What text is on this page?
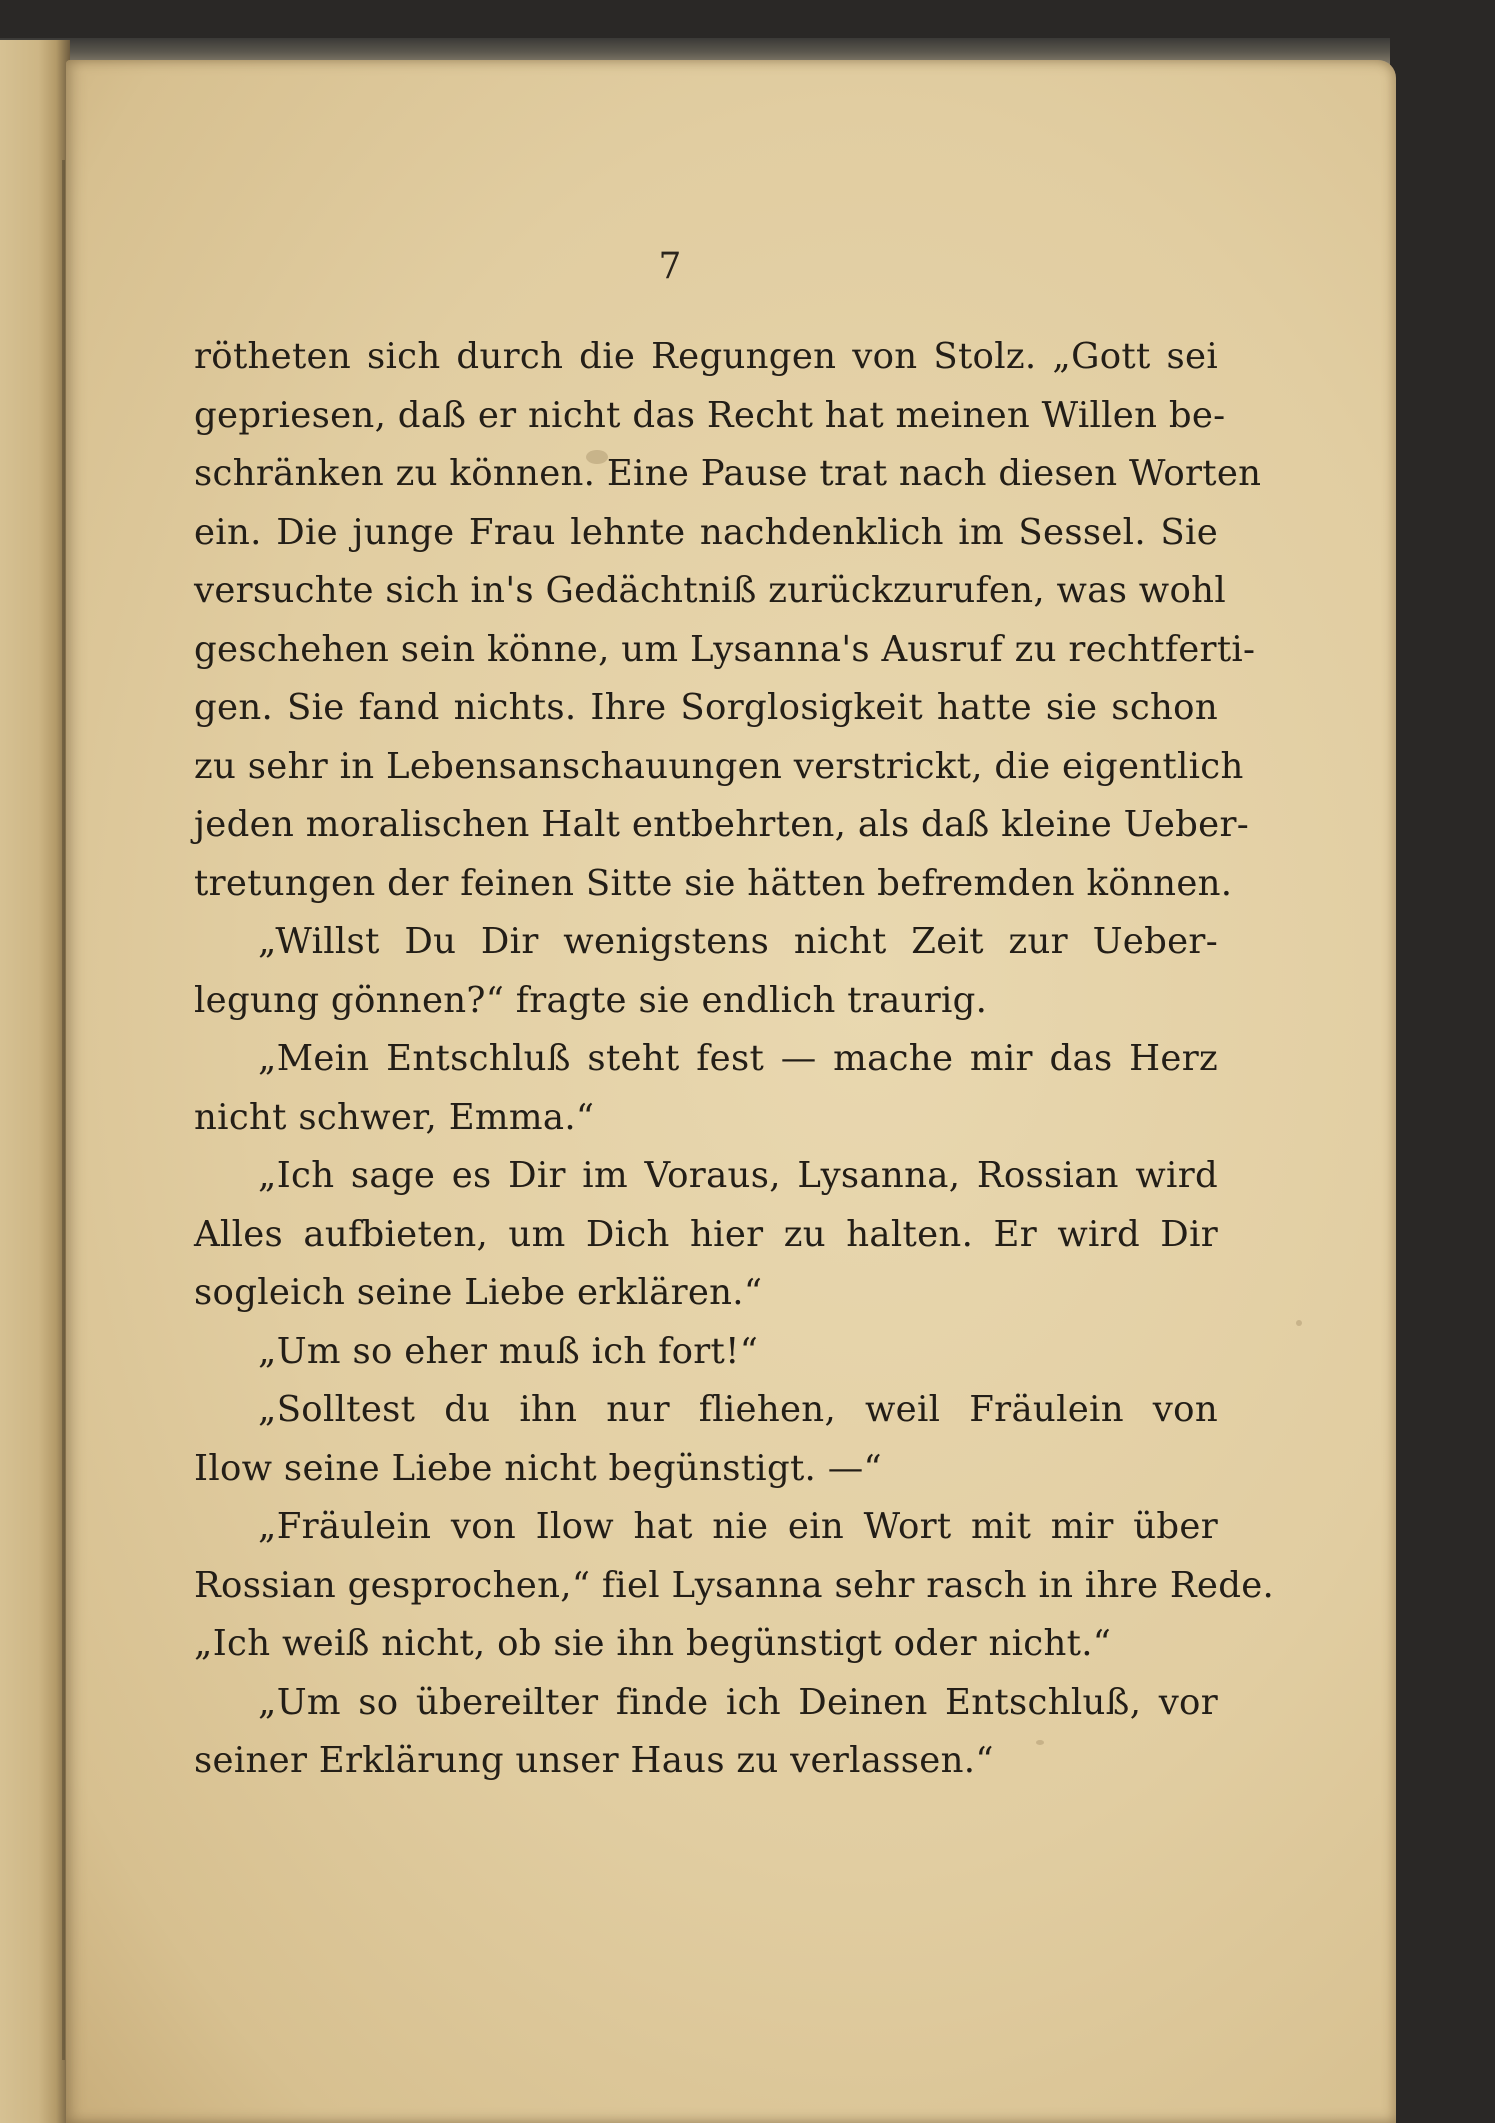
7
röthеten sich durch die Regungen von Stolz. „Gott sei
gepriesen, daß er nicht das Recht hat meinen Willen be-
schränken zu können. Eine Pause trat nach diesen Worten
ein. Die junge Frau lehnte nachdenklich im Sessel. Sie
versuchte sich in's Gedächtniß zurückzurufen, was wohl
geschehen sein könne, um Lysanna's Ausruf zu rechtferti-
gen. Sie fand nichts. Ihre Sorglosigkeit hatte sie schon
zu sehr in Lebensanschauungen verstrickt, die eigentlich
jeden moralischen Halt entbehrten, als daß kleine Ueber-
tretungen der feinen Sitte sie hätten befremden können.
„Willst Du Dir wenigstens nicht Zeit zur Ueber-
legung gönnen?“ fragte sie endlich traurig.
„Mein Entschluß steht fest — mache mir das Herz
nicht schwer, Emma.“
„Ich sage es Dir im Voraus, Lysanna, Rossian wird
Alles aufbieten, um Dich hier zu halten. Er wird Dir
sogleich seine Liebe erklären.“
„Um so eher muß ich fort!“
„Solltest du ihn nur fliehen, weil Fräulein von
Ilow seine Liebe nicht begünstigt. —“
„Fräulein von Ilow hat nie ein Wort mit mir über
Rossian gesprochen,“ fiel Lysanna sehr rasch in ihre Rede.
„Ich weiß nicht, ob sie ihn begünstigt oder nicht.“
„Um so übereilter finde ich Deinen Entschluß, vor
seiner Erklärung unser Haus zu verlassen.“
